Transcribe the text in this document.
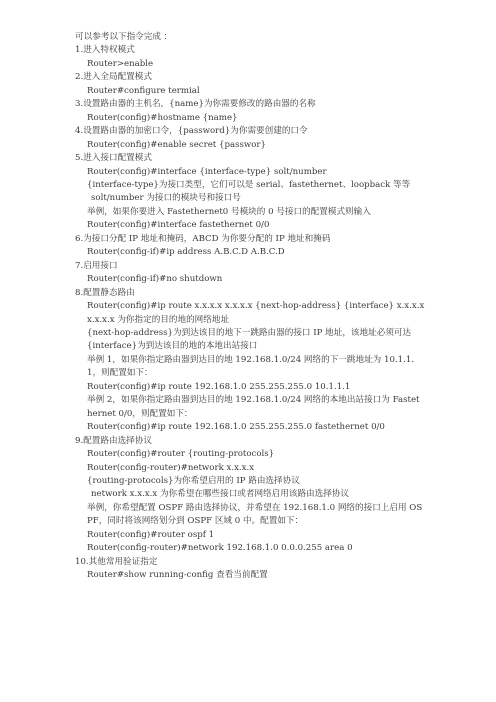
可以参考以下指令完成 ：
1.进入特权模式
Router>enable
2.进入全局配置模式
Router#configure termial
3.设置路由器的主机名，{name}为你需要修改的路由器的名称
Router(config)#hostname {name}
4.设置路由器的加密口令，{password}为你需要创建的口令
Router(config)#enable secret {passwor}
5.进入接口配置模式
Router(config)#interface {interface-type} solt/number
{interface-type}为接口类型，它们可以是 serial、fastethernet、loopback 等等
solt/number 为接口的模块号和接口号
举例，如果你要进入 Fastethernet0 号模块的 0 号接口的配置模式则输入
Router(config)#interface fastethernet 0/0
6.为接口分配 IP 地址和掩码，ABCD 为你要分配的 IP 地址和掩码
Router(config-if)#ip address A.B.C.D A.B.C.D
7.启用接口
Router(config-if)#no shutdown
8.配置静态路由
Router(config)#ip route x.x.x.x x.x.x.x {next-hop-address} {interface} x.x.x.x x.x.x.x 为你指定的目的地的网络地址
{next-hop-address}为到达该目的地下一跳路由器的接口 IP 地址，该地址必须可达
{interface}为到达该目的地的本地出站接口
举例 1，如果你指定路由器到达目的地 192.168.1.0/24 网络的下一跳地址为 10.1.1.1，则配置如下：
Router(config)#ip route 192.168.1.0 255.255.255.0 10.1.1.1
举例 2，如果你指定路由器到达目的地 192.168.1.0/24 网络的本地出站接口为 Fastethernet 0/0，则配置如下：
Router(config)#ip route 192.168.1.0 255.255.255.0 fastethernet 0/0
9.配置路由选择协议
Router(config)#router {routing-protocols}
Router(config-router)#network x.x.x.x
{routing-protocols}为你希望启用的 IP 路由选择协议
network x.x.x.x 为你希望在哪些接口或者网络启用该路由选择协议
举例，你希望配置 OSPF 路由选择协议，并希望在 192.168.1.0 网络的接口上启用 OSPF，同时将该网络划分到 OSPF 区域 0 中。配置如下：
Router(config)#router ospf 1
Router(config-router)#network 192.168.1.0 0.0.0.255 area 0
10.其他常用验证指定
Router#show running-config 查看当前配置
